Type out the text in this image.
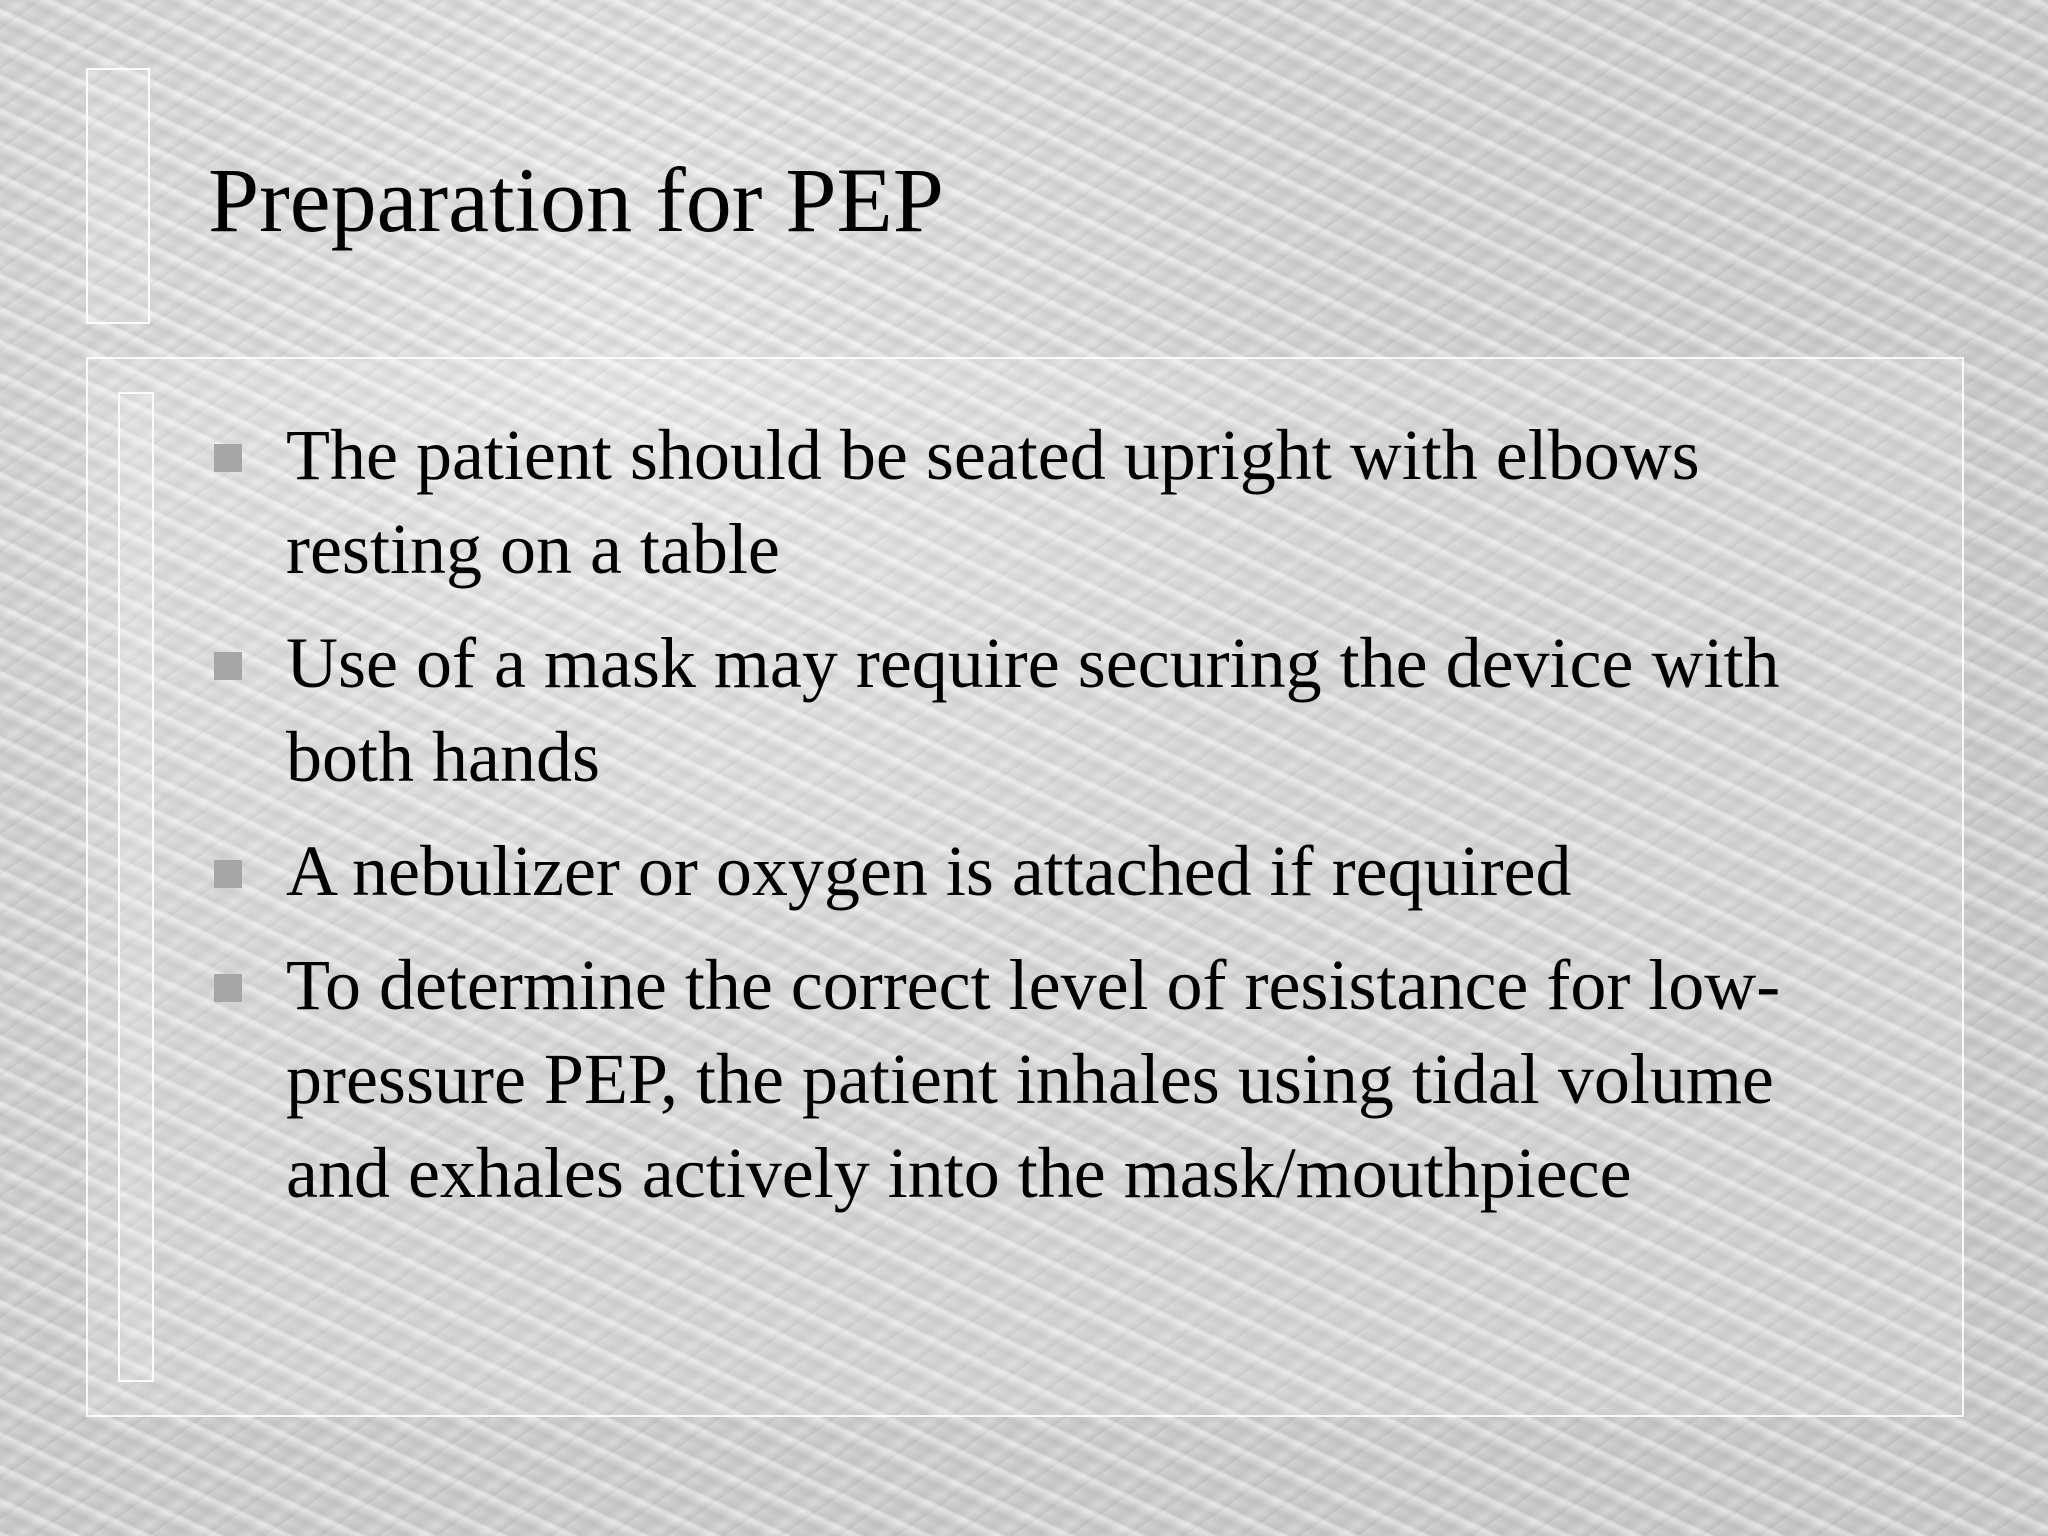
Preparation for PEP
The patient should be seated upright with elbows resting on a table
Use of a mask may require securing the device with both hands
A nebulizer or oxygen is attached if required
To determine the correct level of resistance for low-pressure PEP, the patient inhales using tidal volume and exhales actively into the mask/mouthpiece
